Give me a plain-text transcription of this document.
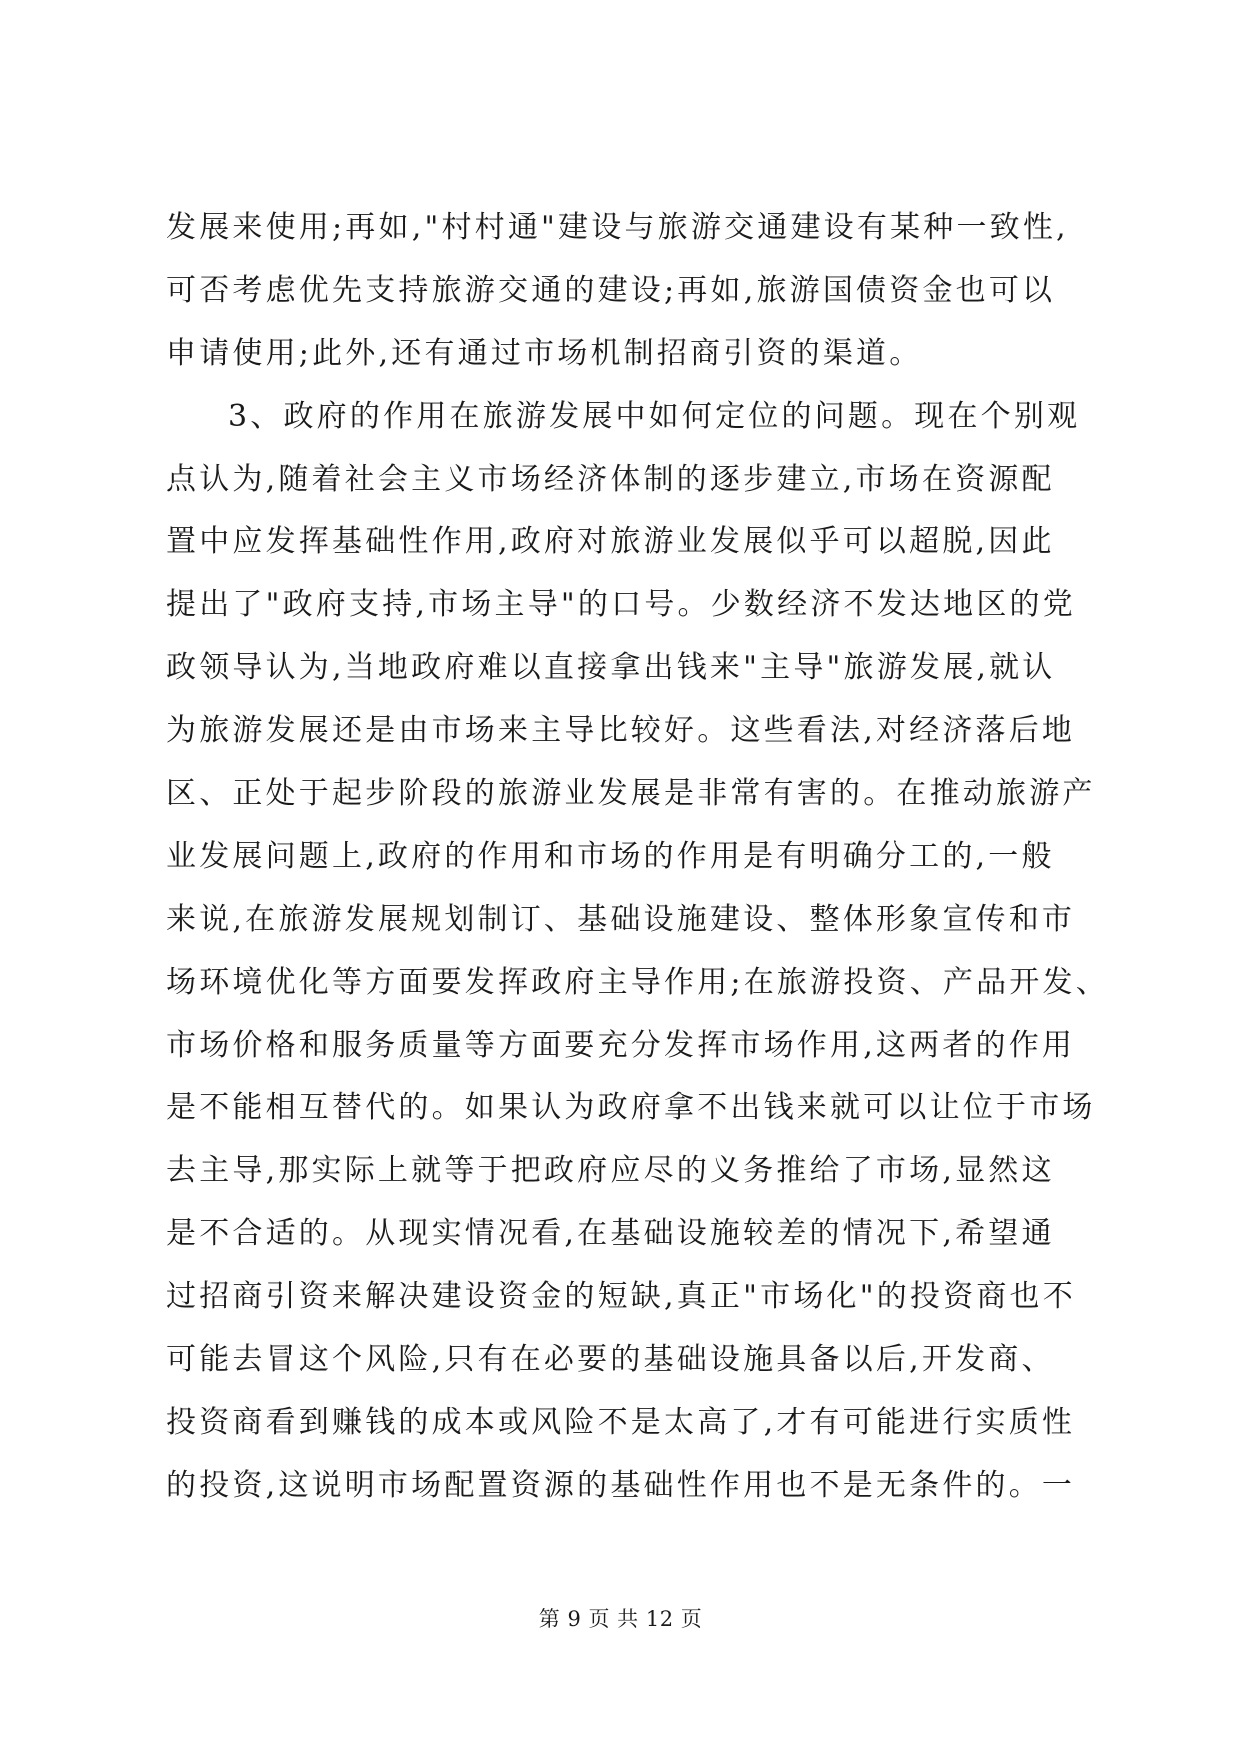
发展来使用;再如,"村村通"建设与旅游交通建设有某种一致性,
可否考虑优先支持旅游交通的建设;再如,旅游国债资金也可以
申请使用;此外,还有通过市场机制招商引资的渠道。
3、政府的作用在旅游发展中如何定位的问题。现在个别观
点认为,随着社会主义市场经济体制的逐步建立,市场在资源配
置中应发挥基础性作用,政府对旅游业发展似乎可以超脱,因此
提出了"政府支持,市场主导"的口号。少数经济不发达地区的党
政领导认为,当地政府难以直接拿出钱来"主导"旅游发展,就认
为旅游发展还是由市场来主导比较好。这些看法,对经济落后地
区、正处于起步阶段的旅游业发展是非常有害的。在推动旅游产
业发展问题上,政府的作用和市场的作用是有明确分工的,一般
来说,在旅游发展规划制订、基础设施建设、整体形象宣传和市
场环境优化等方面要发挥政府主导作用;在旅游投资、产品开发、
市场价格和服务质量等方面要充分发挥市场作用,这两者的作用
是不能相互替代的。如果认为政府拿不出钱来就可以让位于市场
去主导,那实际上就等于把政府应尽的义务推给了市场,显然这
是不合适的。从现实情况看,在基础设施较差的情况下,希望通
过招商引资来解决建设资金的短缺,真正"市场化"的投资商也不
可能去冒这个风险,只有在必要的基础设施具备以后,开发商、
投资商看到赚钱的成本或风险不是太高了,才有可能进行实质性
的投资,这说明市场配置资源的基础性作用也不是无条件的。一
第 9 页 共 12 页
